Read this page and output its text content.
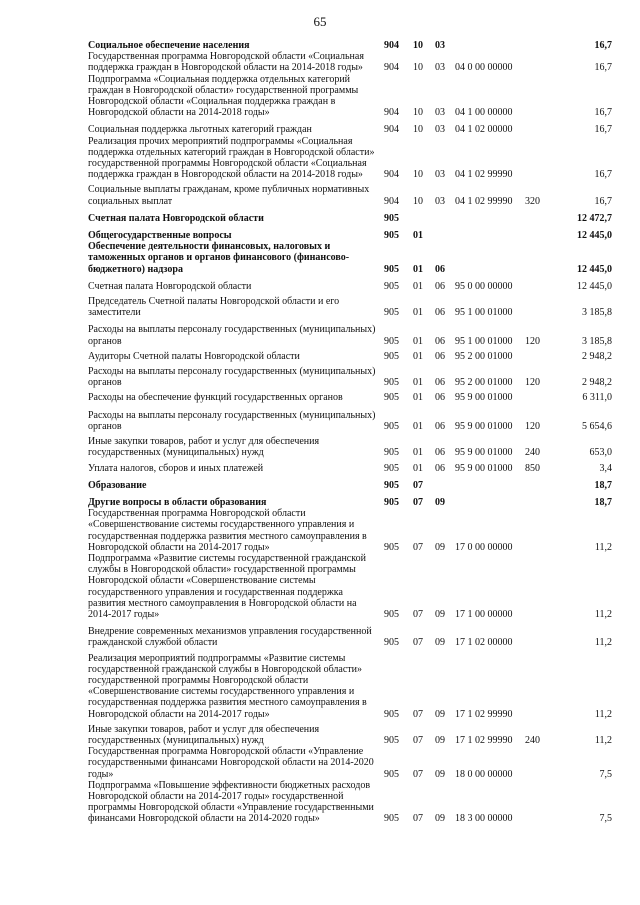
65
Социальное обеспечение населения	904 10 03	16,7
Государственная программа Новгородской области «Социальная поддержка граждан в Новгородской области на 2014-2018 годы»	904 10 03 04 0 00 00000	16,7
Подпрограмма «Социальная поддержка отдельных категорий граждан в Новгородской области» государственной программы Новгородской области «Социальная поддержка граждан в Новгородской области на 2014-2018 годы»	904 10 03 04 1 00 00000	16,7
Социальная поддержка льготных категорий граждан	904 10 03 04 1 02 00000	16,7
Реализация прочих мероприятий подпрограммы «Социальная поддержка отдельных категорий граждан в Новгородской области» государственной программы Новгородской области «Социальная поддержка граждан в Новгородской области на 2014-2018 годы»	904 10 03 04 1 02 99990	16,7
Социальные выплаты гражданам, кроме публичных нормативных социальных выплат	904 10 03 04 1 02 99990 320	16,7
Счетная палата Новгородской области	905	12 472,7
Общегосударственные вопросы	905 01	12 445,0
Обеспечение деятельности финансовых, налоговых и таможенных органов и органов финансового (финансово-бюджетного) надзора	905 01 06	12 445,0
Счетная палата Новгородской области	905 01 06 95 0 00 00000	12 445,0
Председатель Счетной палаты Новгородской области и его заместители	905 01 06 95 1 00 01000	3 185,8
Расходы на выплаты персоналу государственных (муниципальных) органов	905 01 06 95 1 00 01000 120	3 185,8
Аудиторы Счетной палаты Новгородской области	905 01 06 95 2 00 01000	2 948,2
Расходы на выплаты персоналу государственных (муниципальных) органов	905 01 06 95 2 00 01000 120	2 948,2
Расходы на обеспечение функций государственных органов	905 01 06 95 9 00 01000	6 311,0
Расходы на выплаты персоналу государственных (муниципальных) органов	905 01 06 95 9 00 01000 120	5 654,6
Иные закупки товаров, работ и услуг для обеспечения государственных (муниципальных) нужд	905 01 06 95 9 00 01000 240	653,0
Уплата налогов, сборов и иных платежей	905 01 06 95 9 00 01000 850	3,4
Образование	905 07	18,7
Другие вопросы в области образования	905 07 09	18,7
Государственная программа Новгородской области «Совершенствование системы государственного управления и государственная поддержка развития местного самоуправления в Новгородской области на 2014-2017 годы»	905 07 09 17 0 00 00000	11,2
Подпрограмма «Развитие системы государственной гражданской службы в Новгородской области» государственной программы Новгородской области «Совершенствование системы государственного управления и государственная поддержка развития местного самоуправления в Новгородской области на 2014-2017 годы»	905 07 09 17 1 00 00000	11,2
Внедрение современных механизмов управления государственной гражданской службой области	905 07 09 17 1 02 00000	11,2
Реализация мероприятий подпрограммы «Развитие системы государственной гражданской службы в Новгородской области» государственной программы Новгородской области «Совершенствование системы государственного управления и государственная поддержка развития местного самоуправления в Новгородской области на 2014-2017 годы»	905 07 09 17 1 02 99990	11,2
Иные закупки товаров, работ и услуг для обеспечения государственных (муниципальных) нужд	905 07 09 17 1 02 99990 240	11,2
Государственная программа Новгородской области «Управление государственными финансами Новгородской области на 2014-2020 годы»	905 07 09 18 0 00 00000	7,5
Подпрограмма «Повышение эффективности бюджетных расходов Новгородской области на 2014-2017 годы» государственной программы Новгородской области «Управление государственными финансами Новгородской области на 2014-2020 годы»	905 07 09 18 3 00 00000	7,5
